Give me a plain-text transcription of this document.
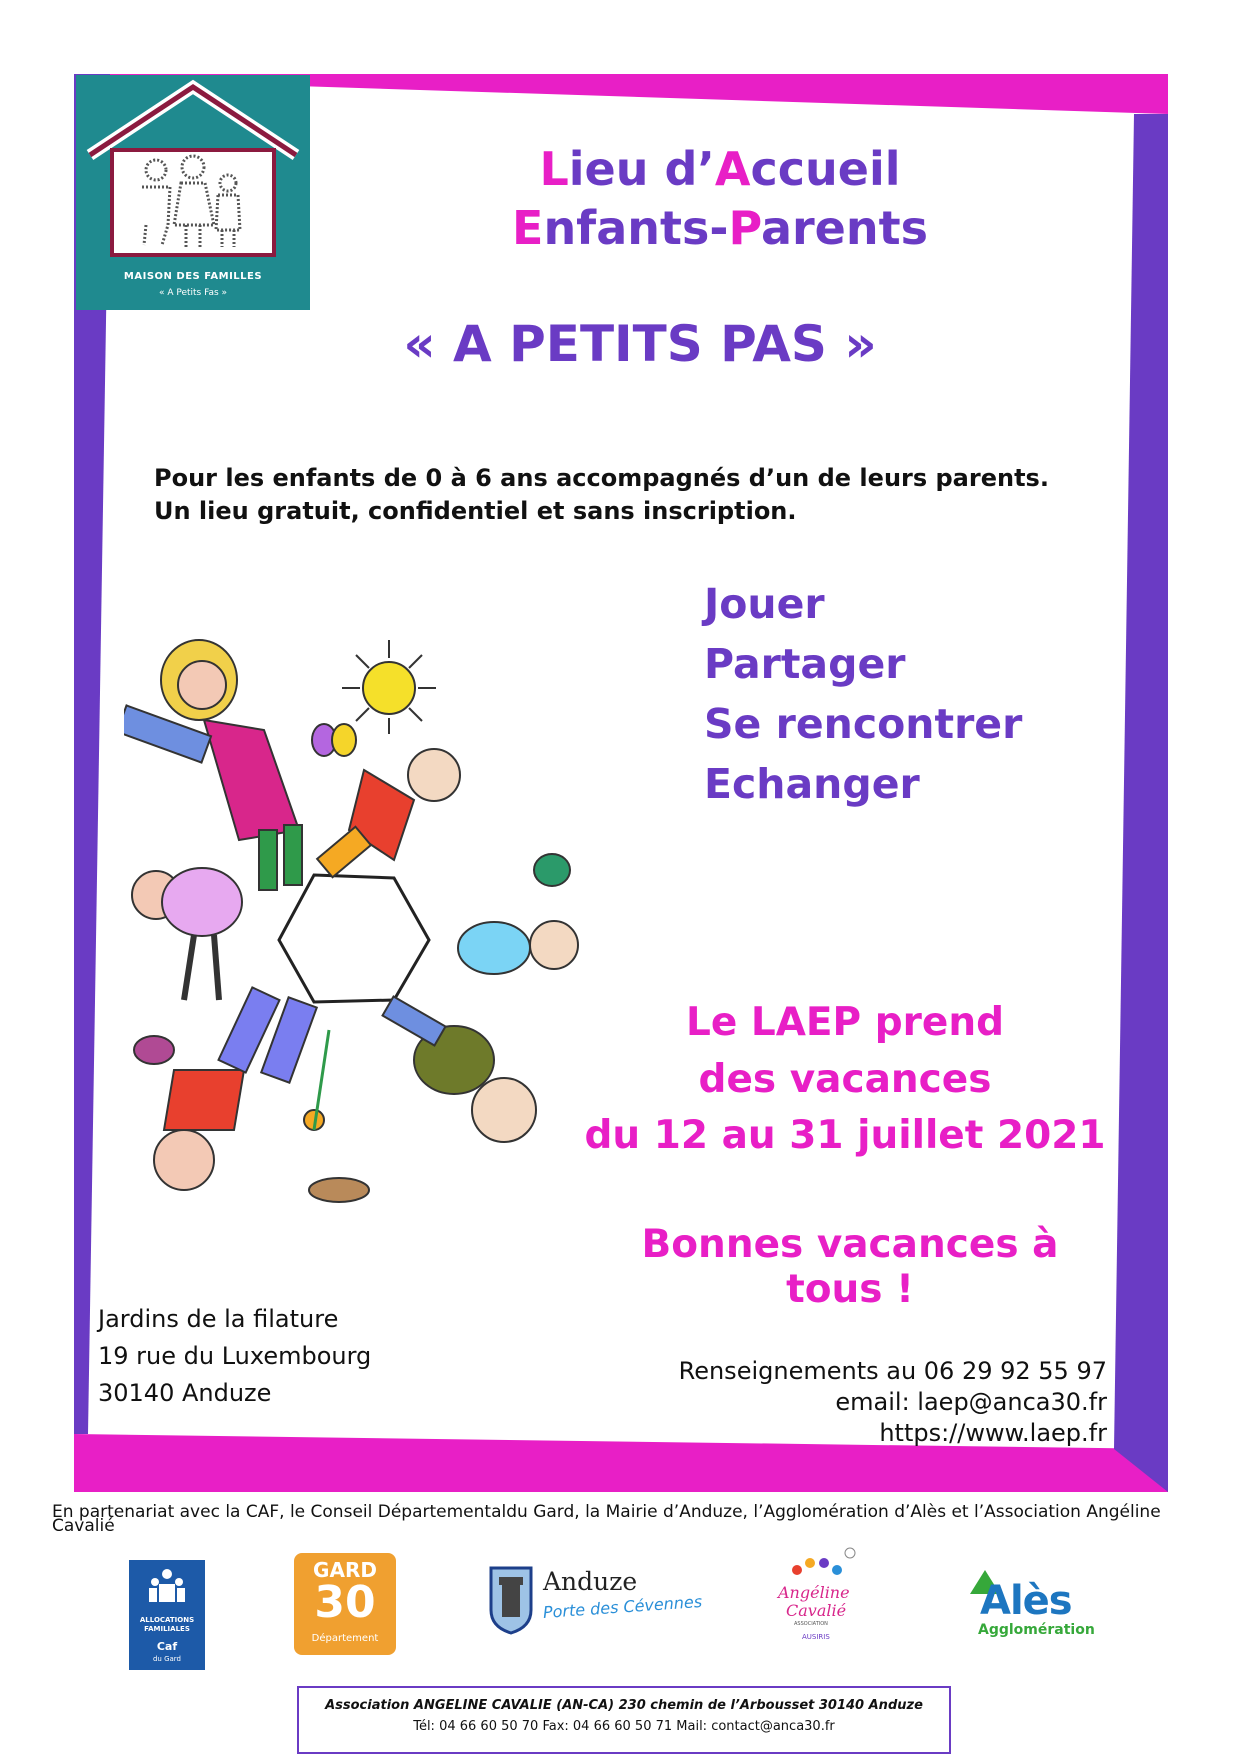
MAISON DES FAMILLES
« A Petits Fas »
Lieu d’Accueil
Enfants-Parents
« A PETITS PAS »
Pour les enfants de 0 à 6 ans accompagnés d’un de leurs parents.
Un lieu gratuit, confidentiel et sans inscription.
Jouer
Partager
Se rencontrer
Echanger
Le LAEP prend
des vacances
du 12 au 31 juillet 2021
Bonnes vacances à tous !
Jardins de la filature
19 rue du Luxembourg
30140 Anduze
Renseignements au 06 29 92 55 97
email: laep@anca30.fr
https://www.laep.fr
En partenariat avec la CAF, le Conseil Départementaldu Gard, la Mairie d’Anduze, l’Agglomération d’Alès et l’Association Angéline Cavalié
ALLOCATIONS
FAMILIALES
Caf
du Gard
GARD
30
Département
Anduze
Porte des Cévennes	Angéline
Cavalié
ASSOCIATION
AUSIRIS
Alès
Agglomération
Association ANGELINE CAVALIE (AN-CA) 230 chemin de l’Arbousset 30140 Anduze
Tél: 04 66 60 50 70 Fax: 04 66 60 50 71 Mail: contact@anca30.fr
